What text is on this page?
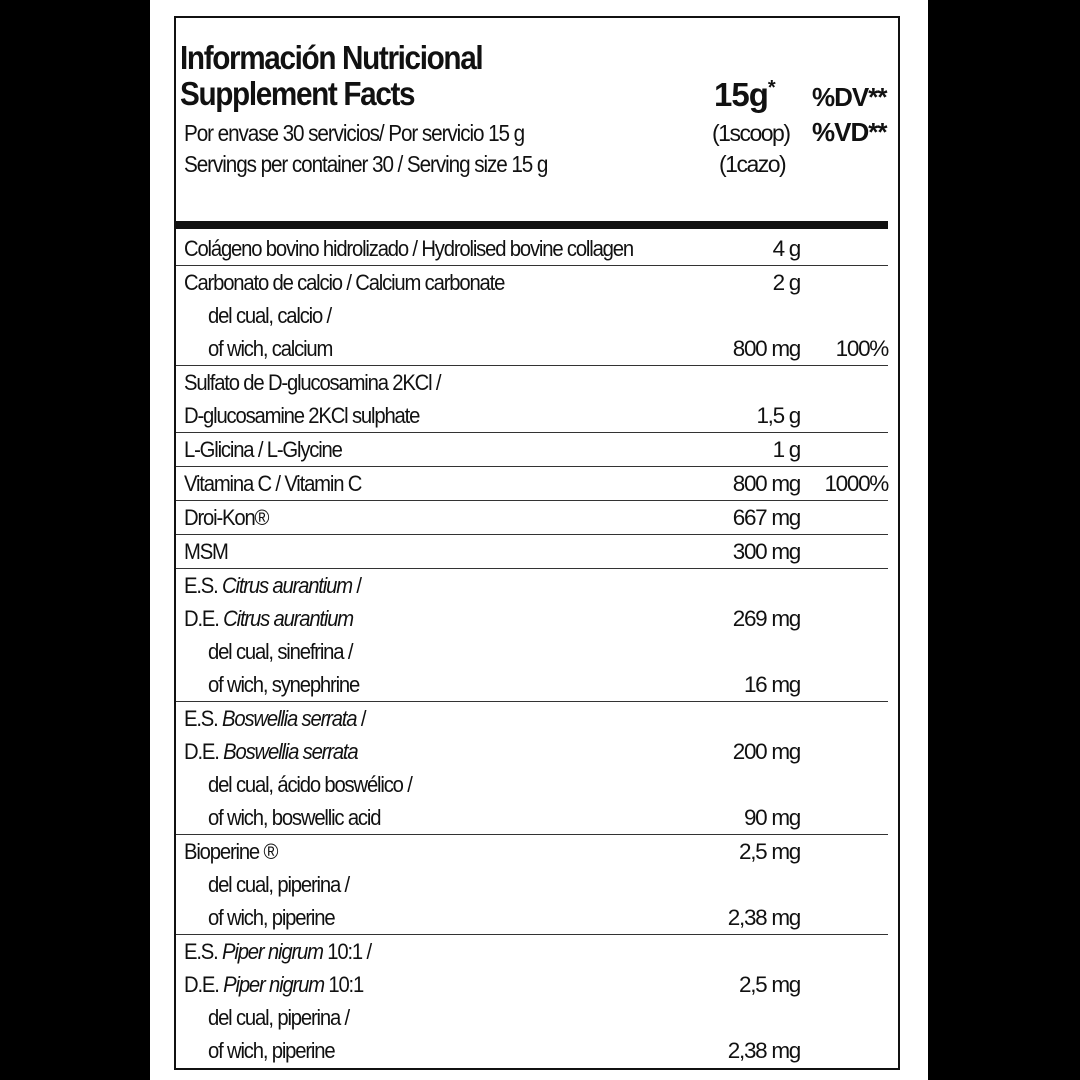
Información Nutricional
Supplement Facts
Por envase 30 servicios/ Por servicio 15 g
Servings per container 30 / Serving size 15 g
15g* %DV**
(1scoop) %VD**
(1cazo)
Colágeno bovino hidrolizado / Hydrolised bovine collagen	4 g
Carbonato de calcio / Calcium carbonate	2 g
del cual, calcio /
of wich, calcium	800 mg 100%
Sulfato de D-glucosamina 2KCl /
D-glucosamine 2KCl sulphate	1,5 g
L-Glicina / L-Glycine	1 g
Vitamina C / Vitamin C	800 mg 1000%
Droi-Kon®	667 mg
MSM	300 mg
E.S. Citrus aurantium /
D.E. Citrus aurantium	269 mg
del cual, sinefrina /
of wich, synephrine	16 mg
E.S. Boswellia serrata /
D.E. Boswellia serrata	200 mg
del cual, ácido boswélico /
of wich, boswellic acid	90 mg
Bioperine ®	2,5 mg
del cual, piperina /
of wich, piperine	2,38 mg
E.S. Piper nigrum 10:1 /
D.E. Piper nigrum 10:1	2,5 mg
del cual, piperina /
of wich, piperine	2,38 mg
